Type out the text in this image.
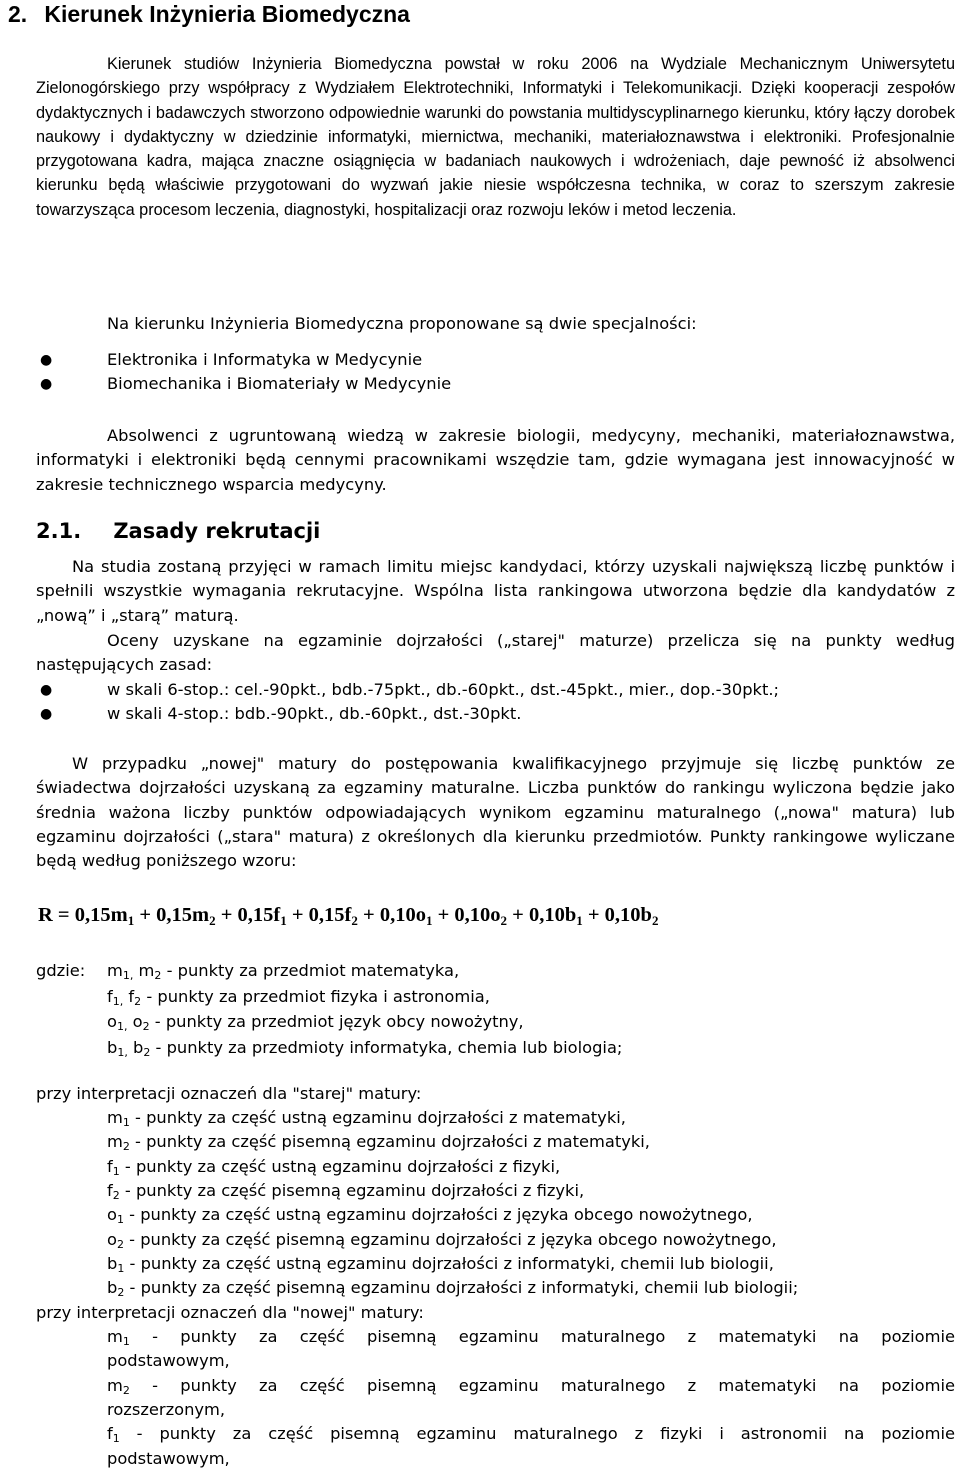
2. Kierunek Inżynieria Biomedyczna
Kierunek studiów Inżynieria Biomedyczna powstał w roku 2006 na Wydziale Mechanicznym Uniwersytetu Zielonogórskiego przy współpracy z Wydziałem Elektrotechniki, Informatyki i Telekomunikacji. Dzięki kooperacji zespołów dydaktycznych i badawczych stworzono odpowiednie warunki do powstania multidyscyplinarnego kierunku, który łączy dorobek naukowy i dydaktyczny w dziedzinie informatyki, miernictwa, mechaniki, materiałoznawstwa i elektroniki. Profesjonalnie przygotowana kadra, mająca znaczne osiągnięcia w badaniach naukowych i wdrożeniach, daje pewność iż absolwenci kierunku będą właściwie przygotowani do wyzwań jakie niesie współczesna technika, w coraz to szerszym zakresie towarzysząca procesom leczenia, diagnostyki, hospitalizacji oraz rozwoju leków i metod leczenia.
Na kierunku Inżynieria Biomedyczna proponowane są dwie specjalności:
●	Elektronika i Informatyka w Medycynie
●	Biomechanika i Biomateriały w Medycynie
Absolwenci z ugruntowaną wiedzą w zakresie biologii, medycyny, mechaniki, materiałoznawstwa, informatyki i elektroniki będą cennymi pracownikami wszędzie tam, gdzie wymagana jest innowacyjność w zakresie technicznego wsparcia medycyny.
2.1. Zasady rekrutacji
Na studia zostaną przyjęci w ramach limitu miejsc kandydaci, którzy uzyskali największą liczbę punktów i spełnili wszystkie wymagania rekrutacyjne. Wspólna lista rankingowa utworzona będzie dla kandydatów z „nową” i „starą” maturą.
Oceny uzyskane na egzaminie dojrzałości („starej" maturze) przelicza się na punkty według następujących zasad:
●	w skali 6-stop.: cel.-90pkt., bdb.-75pkt., db.-60pkt., dst.-45pkt., mier., dop.-30pkt.;
●	w skali 4-stop.: bdb.-90pkt., db.-60pkt., dst.-30pkt.
W przypadku „nowej" matury do postępowania kwalifikacyjnego przyjmuje się liczbę punktów ze świadectwa dojrzałości uzyskaną za egzaminy maturalne. Liczba punktów do rankingu wyliczona będzie jako średnia ważona liczby punktów odpowiadających wynikom egzaminu maturalnego („nowa" matura) lub egzaminu dojrzałości („stara" matura) z określonych dla kierunku przedmiotów. Punkty rankingowe wyliczane będą według poniższego wzoru:
$R = 0,15m_1 + 0,15m_2 + 0,15f_1 + 0,15f_2 + 0,10o_1 + 0,10o_2 + 0,10b_1 + 0,10b_2$
gdzie: $m_{1,}$ $m_2$ - punkty za przedmiot matematyka,
$f_{1,}$ $f_2$ - punkty za przedmiot fizyka i astronomia,
$o_{1,}$ $o_2$ - punkty za przedmiot język obcy nowożytny,
$b_{1,}$ $b_2$ - punkty za przedmioty informatyka, chemia lub biologia;
przy interpretacji oznaczeń dla "starej" matury:
$m_1$ - punkty za część ustną egzaminu dojrzałości z matematyki,
$m_2$ - punkty za część pisemną egzaminu dojrzałości z matematyki,
$f_1$ - punkty za część ustną egzaminu dojrzałości z fizyki,
$f_2$ - punkty za część pisemną egzaminu dojrzałości z fizyki,
$o_1$ - punkty za część ustną egzaminu dojrzałości z języka obcego nowożytnego,
$o_2$ - punkty za część pisemną egzaminu dojrzałości z języka obcego nowożytnego,
$b_1$ - punkty za część ustną egzaminu dojrzałości z informatyki, chemii lub biologii,
$b_2$ - punkty za część pisemną egzaminu dojrzałości z informatyki, chemii lub biologii;
przy interpretacji oznaczeń dla "nowej" matury:
$m_1$ - punkty za część pisemną egzaminu maturalnego z matematyki na poziomie
podstawowym,
$m_2$ - punkty za część pisemną egzaminu maturalnego z matematyki na poziomie
rozszerzonym,
$f_1$ - punkty za część pisemną egzaminu maturalnego z fizyki i astronomii na poziomie
podstawowym,
